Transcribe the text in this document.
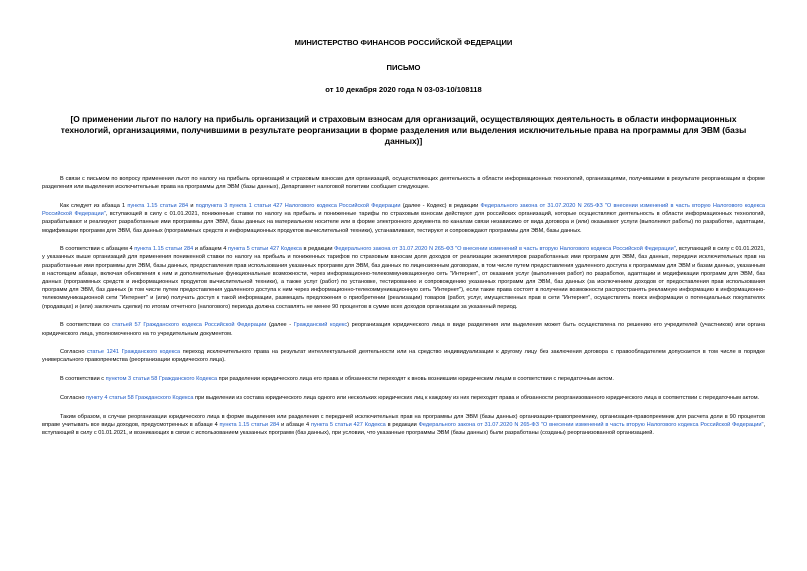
МИНИСТЕРСТВО ФИНАНСОВ РОССИЙСКОЙ ФЕДЕРАЦИИ
ПИСЬМО
от 10 декабря 2020 года N 03-03-10/108118
[О применении льгот по налогу на прибыль организаций и страховым взносам для организаций, осуществляющих деятельность в области информационных технологий, организациями, получившими в результате реорганизации в форме разделения или выделения исключительные права на программы для ЭВМ (базы данных)]

В связи с письмом по вопросу применения льгот по налогу на прибыль организаций и страховым взносам для организаций, осуществляющих деятельность в области информационных технологий, организациями, получившими в результате реорганизации в форме разделения или выделения исключительные права на программы для ЭВМ (базы данных), Департамент налоговой политики сообщает следующее.

Как следует из абзаца 1 пункта 1.15 статьи 284 и подпункта 3 пункта 1 статьи 427 Налогового кодекса Российской Федерации (далее - Кодекс) в редакции Федерального закона от 31.07.2020 N 265-ФЗ "О внесении изменений в часть вторую Налогового кодекса Российской Федерации", вступающей в силу с 01.01.2021, пониженные ставки по налогу на прибыль и пониженные тарифы по страховым взносам действуют для российских организаций, которые осуществляют деятельность в области информационных технологий, разрабатывают и реализуют разработанные ими программы для ЭВМ, базы данных на материальном носителе или в форме электронного документа по каналам связи независимо от вида договора и (или) оказывают услуги (выполняют работы) по разработке, адаптации, модификации программ для ЭВМ, баз данных (программных средств и информационных продуктов вычислительной техники), устанавливают, тестируют и сопровождают программы для ЭВМ, базы данных.

В соответствии с абзацем 4 пункта 1.15 статьи 284 и абзацем 4 пункта 5 статьи 427 Кодекса в редакции Федерального закона от 31.07.2020 N 265-ФЗ "О внесении изменений в часть вторую Налогового кодекса Российской Федерации", вступающей в силу с 01.01.2021, у указанных выше организаций для применения пониженной ставки по налогу на прибыль и пониженных тарифов по страховым взносам доля доходов от реализации экземпляров разработанных ими программ для ЭВМ, баз данных, передачи исключительных прав на разработанные ими программы для ЭВМ, базы данных, предоставления прав использования указанных программ для ЭВМ, баз данных по лицензионным договорам, в том числе путем предоставления удаленного доступа к программам для ЭВМ и базам данных, указанным в настоящем абзаце, включая обновления к ним и дополнительные функциональные возможности, через информационно-телекоммуникационную сеть "Интернет", от оказания услуг (выполнения работ) по разработке, адаптации и модификации программ для ЭВМ, баз данных (программных средств и информационных продуктов вычислительной техники), а также услуг (работ) по установке, тестированию и сопровождению указанных программ для ЭВМ, баз данных (за исключением доходов от предоставления прав использования программ для ЭВМ, баз данных (в том числе путем предоставления удаленного доступа к ним через информационно-телекоммуникационную сеть "Интернет"), если такие права состоят в получении возможности распространять рекламную информацию в информационно-телекоммуникационной сети "Интернет" и (или) получать доступ к такой информации, размещать предложения о приобретении (реализации) товаров (работ, услуг, имущественных прав в сети "Интернет", осуществлять поиск информации о потенциальных покупателях (продавцах) и (или) заключать сделки) по итогам отчетного (налогового) периода должна составлять не менее 90 процентов в сумме всех доходов организации за указанный период.

В соответствии со статьей 57 Гражданского кодекса Российской Федерации (далее - Гражданский кодекс) реорганизация юридического лица в виде разделения или выделения может быть осуществлена по решению его учредителей (участников) или органа юридического лица, уполномоченного на то учредительным документом.

Согласно статье 1241 Гражданского кодекса переход исключительного права на результат интеллектуальной деятельности или на средство индивидуализации к другому лицу без заключения договора с правообладателем допускается в том числе в порядке универсального правопреемства (реорганизации юридического лица).

В соответствии с пунктом 3 статьи 58 Гражданского Кодекса при разделении юридического лица его права и обязанности переходят к вновь возникшим юридическим лицам в соответствии с передаточным актом.

Согласно пункту 4 статьи 58 Гражданского Кодекса при выделении из состава юридического лица одного или нескольких юридических лиц к каждому из них переходят права и обязанности реорганизованного юридического лица в соответствии с передаточным актом.

Таким образом, в случае реорганизации юридического лица в форме выделения или разделения с передачей исключительных прав на программы для ЭВМ (базы данных) организации-правопреемнику, организация-правопреемник для расчета доли в 90 процентов вправе учитывать все виды доходов, предусмотренных в абзаце 4 пункта 1.15 статьи 284 и абзаце 4 пункта 5 статьи 427 Кодекса в редакции Федерального закона от 31.07.2020 N 265-ФЗ "О внесении изменений в часть вторую Налогового кодекса Российской Федерации", вступающей в силу с 01.01.2021, и возникающих в связи с использованием указанных программ (баз данных), при условии, что указанные программы ЭВМ (базы данных) были разработаны (созданы) реорганизованной организацией.
